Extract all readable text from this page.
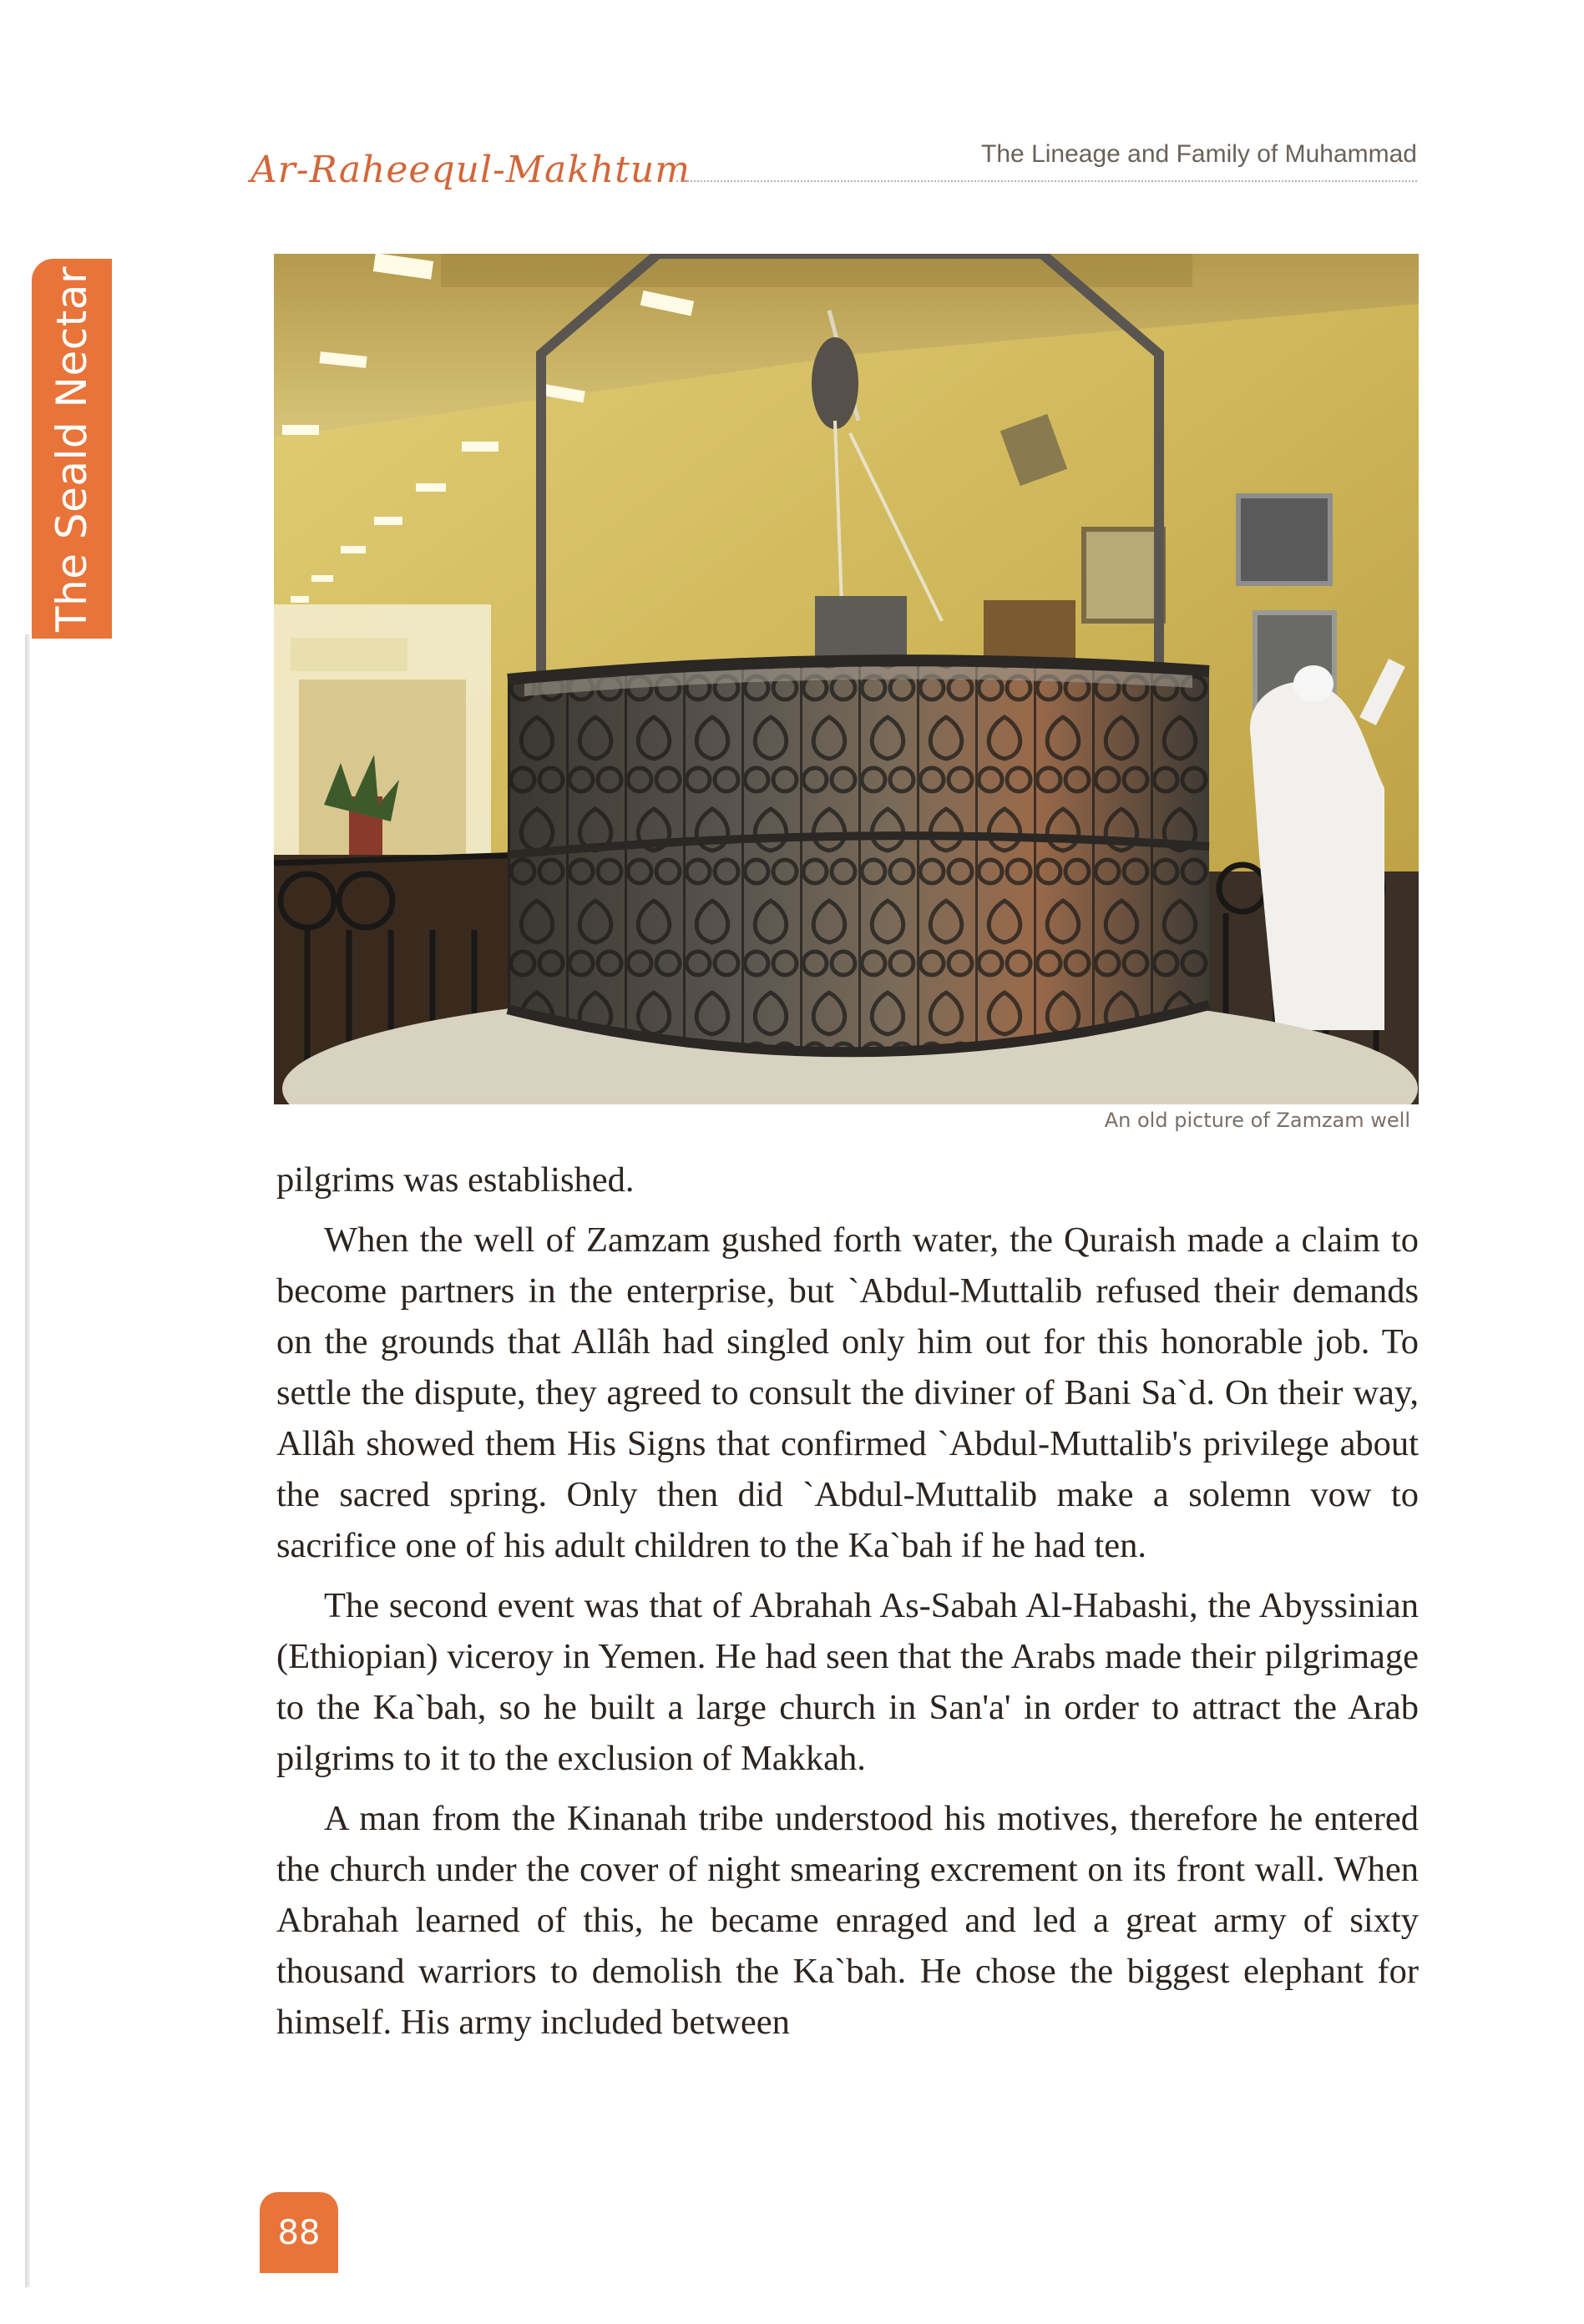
The Seald Nectar
Ar-Raheequl-Makhtum	The Lineage and Family of Muhammad
An old picture of Zamzam well

pilgrims was established.

When the well of Zamzam gushed forth water, the Quraish made a claim to become partners in the enterprise, but `Abdul-Muttalib refused their demands on the grounds that Allâh had singled only him out for this honorable job. To settle the dispute, they agreed to consult the diviner of Bani Sa`d. On their way, Allâh showed them His Signs that confirmed `Abdul-Muttalib's privilege about the sacred spring. Only then did `Abdul-Muttalib make a solemn vow to sacrifice one of his adult children to the Ka`bah if he had ten.

The second event was that of Abrahah As-Sabah Al-Habashi, the Abyssinian (Ethiopian) viceroy in Yemen. He had seen that the Arabs made their pilgrimage to the Ka`bah, so he built a large church in San'a' in order to attract the Arab pilgrims to it to the exclusion of Makkah.

A man from the Kinanah tribe understood his motives, therefore he entered the church under the cover of night smearing excrement on its front wall. When Abrahah learned of this, he became enraged and led a great army of sixty thousand warriors to demolish the Ka`bah. He chose the biggest elephant for himself. His army included between

88
